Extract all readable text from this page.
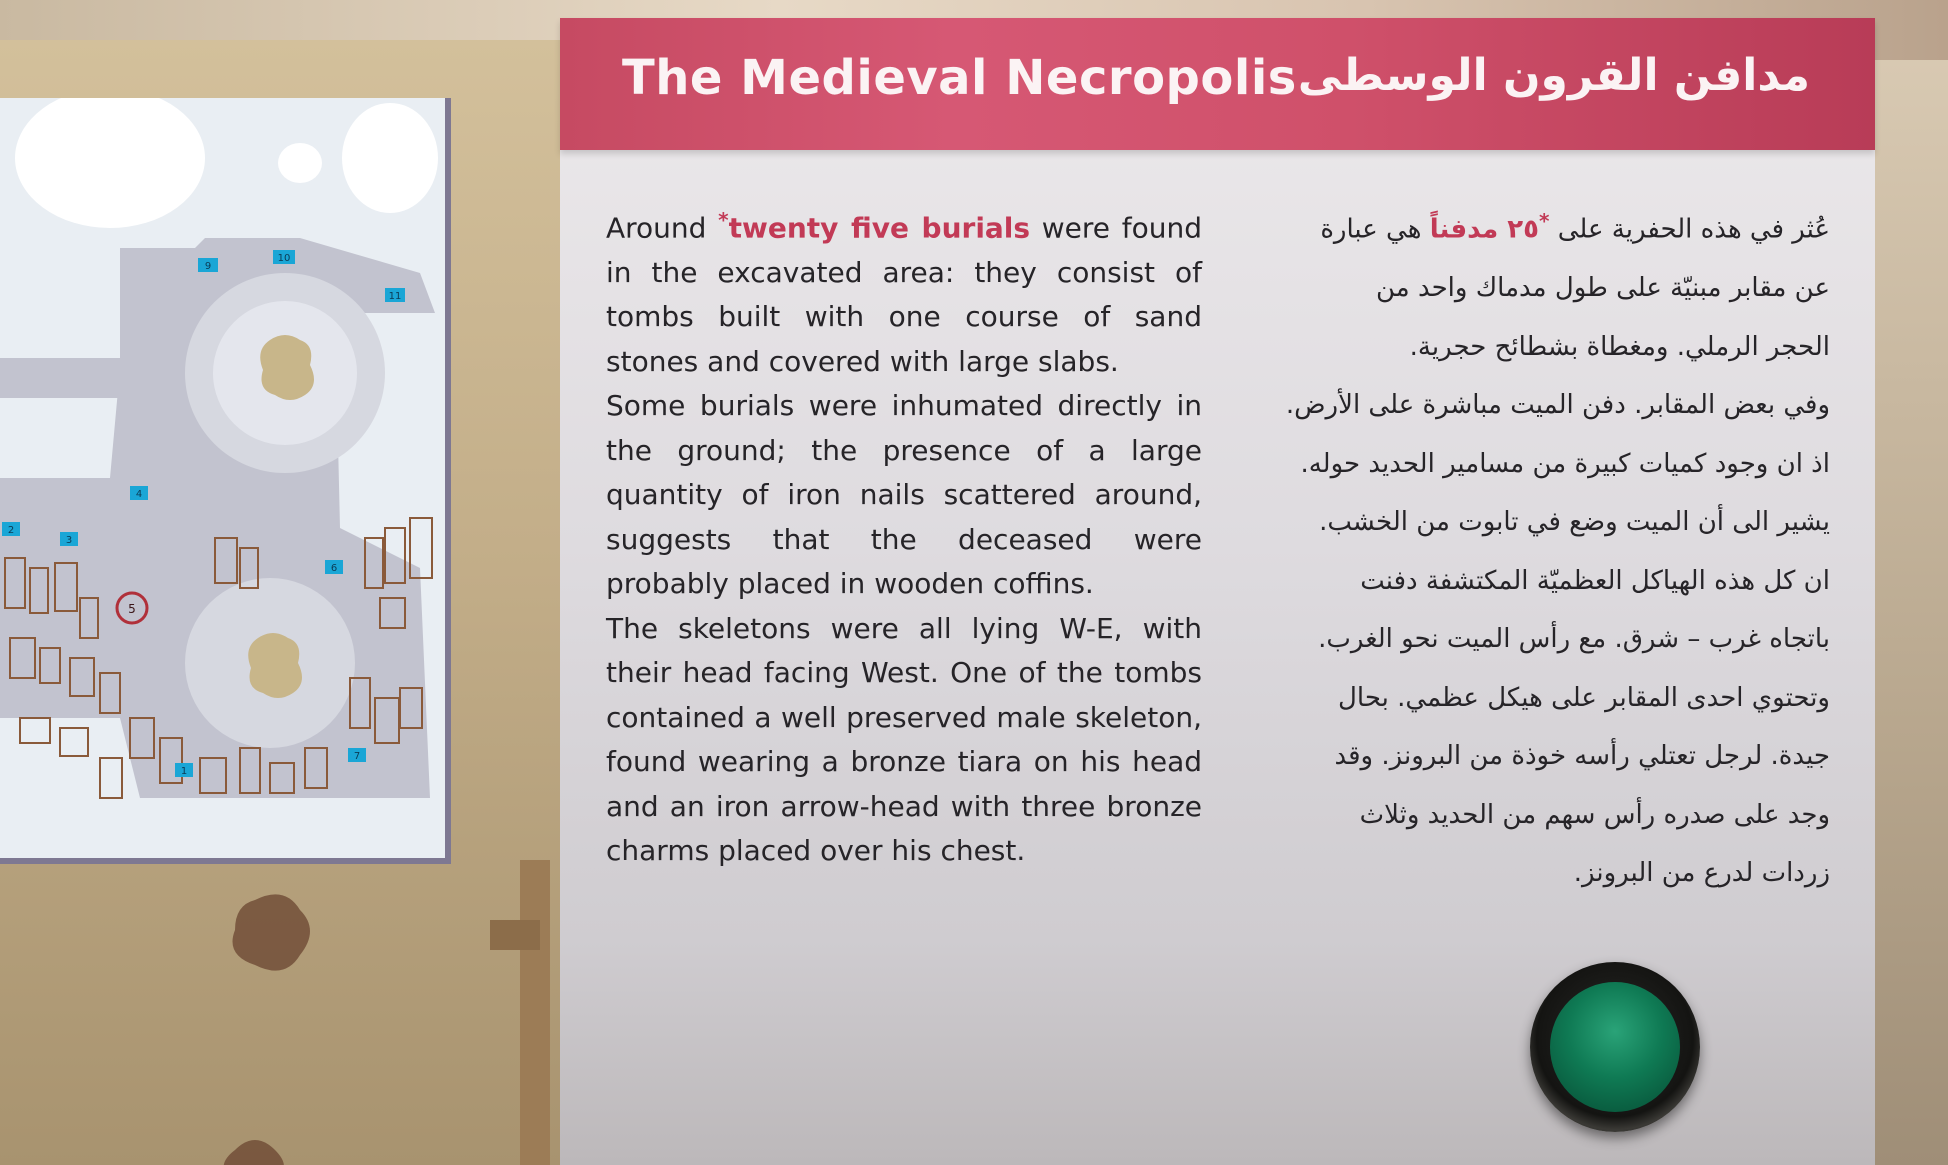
9
10
11
4
2
3
5
6
7
1
The Medieval Necropolis مدافن القرون الوسطى
Around *twenty five burials were found in the excavated area: they consist of tombs built with one course of sand stones and covered with large slabs.
Some burials were inhumated directly in the ground; the presence of a large quantity of iron nails scattered around, suggests that the deceased were probably placed in wooden coffins.
The skeletons were all lying W-E, with their head facing West. One of the tombs contained a well preserved male skeleton, found wearing a bronze tiara on his head and an iron arrow-head with three bronze charms placed over his chest.
عُثر في هذه الحفرية على *٢٥ مدفناً هي عبارة
عن مقابر مبنيّة على طول مدماك واحد من
الحجر الرملي. ومغطاة بشطائح حجرية.
وفي بعض المقابر. دفن الميت مباشرة على الأرض.
اذ ان وجود كميات كبيرة من مسامير الحديد حوله.
يشير الى أن الميت وضع في تابوت من الخشب.
ان كل هذه الهياكل العظميّة المكتشفة دفنت
باتجاه غرب – شرق. مع رأس الميت نحو الغرب.
وتحتوي احدى المقابر على هيكل عظمي. بحال
جيدة. لرجل تعتلي رأسه خوذة من البرونز. وقد
وجد على صدره رأس سهم من الحديد وثلاث
زردات لدرع من البرونز.
